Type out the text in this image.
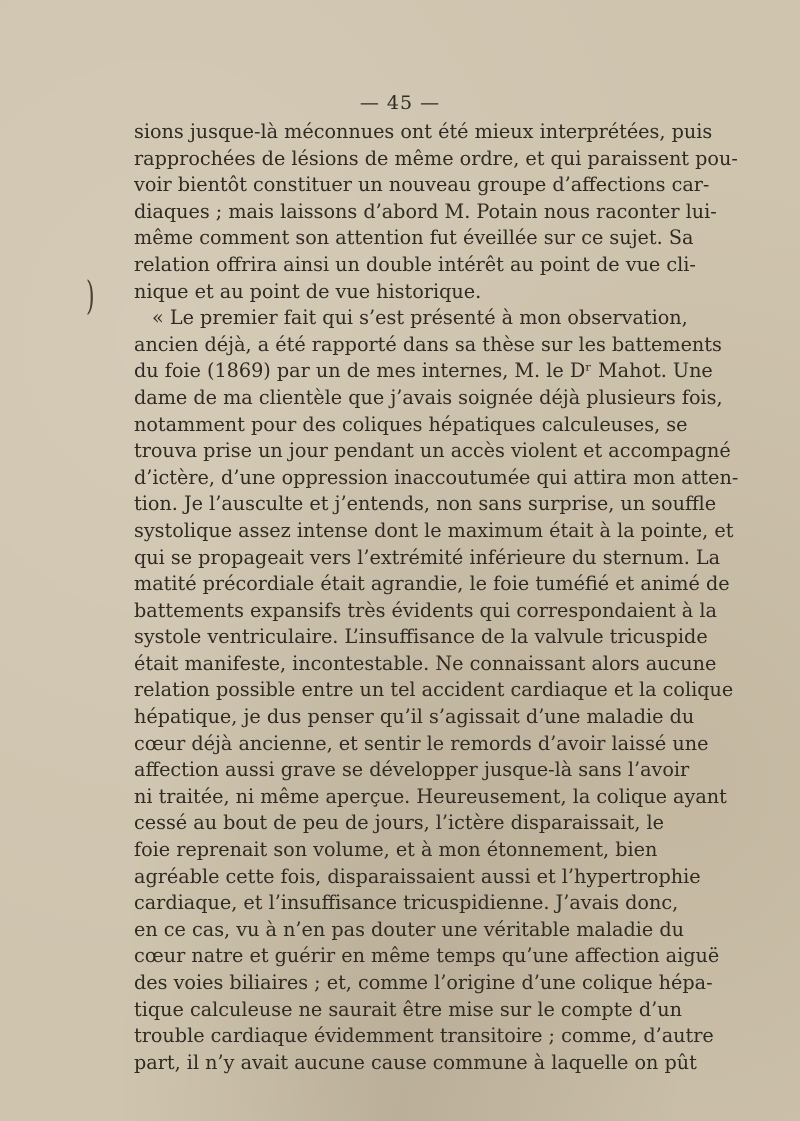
— 45 —
)
sions jusque-là méconnues ont été mieux interprétées, puis
rapprochées de lésions de même ordre, et qui paraissent pou-
voir bientôt constituer un nouveau groupe d’affections car-
diaques ; mais laissons d’abord M. Potain nous raconter lui-
même comment son attention fut éveillée sur ce sujet. Sa
relation offrira ainsi un double intérêt au point de vue cli-
nique et au point de vue historique.
« Le premier fait qui s’est présenté à mon observation,
ancien déjà, a été rapporté dans sa thèse sur les battements
du foie (1869) par un de mes internes, M. le Dʳ Mahot. Une
dame de ma clientèle que j’avais soignée déjà plusieurs fois,
notamment pour des coliques hépatiques calculeuses, se
trouva prise un jour pendant un accès violent et accompagné
d’ictère, d’une oppression inaccoutumée qui attira mon atten-
tion. Je l’ausculte et j’entends, non sans surprise, un souffle
systolique assez intense dont le maximum était à la pointe, et
qui se propageait vers l’extrémité inférieure du sternum. La
matité précordiale était agrandie, le foie tuméfié et animé de
battements expansifs très évidents qui correspondaient à la
systole ventriculaire. L’insuffisance de la valvule tricuspide
était manifeste, incontestable. Ne connaissant alors aucune
relation possible entre un tel accident cardiaque et la colique
hépatique, je dus penser qu’il s’agissait d’une maladie du
cœur déjà ancienne, et sentir le remords d’avoir laissé une
affection aussi grave se développer jusque-là sans l’avoir
ni traitée, ni même aperçue. Heureusement, la colique ayant
cessé au bout de peu de jours, l’ictère disparaissait, le
foie reprenait son volume, et à mon étonnement, bien
agréable cette fois, disparaissaient aussi et l’hypertrophie
cardiaque, et l’insuffisance tricuspidienne. J’avais donc,
en ce cas, vu à n’en pas douter une véritable maladie du
cœur natre et guérir en même temps qu’une affection aiguë
des voies biliaires ; et, comme l’origine d’une colique hépa-
tique calculeuse ne saurait être mise sur le compte d’un
trouble cardiaque évidemment transitoire ; comme, d’autre
part, il n’y avait aucune cause commune à laquelle on pût
